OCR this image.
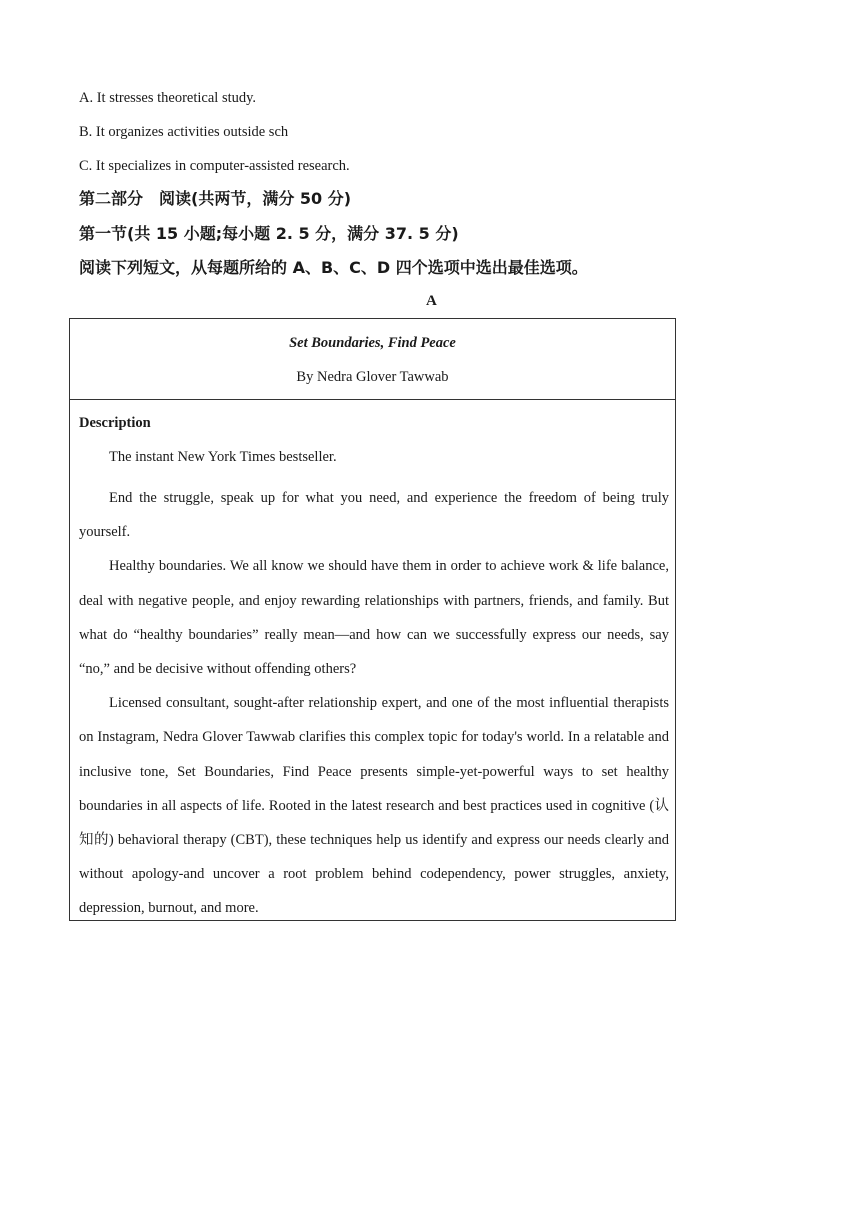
A. It stresses theoretical study.
B. It organizes activities outside sch
C. It specializes in computer-assisted research.
第二部分　阅读(共两节，满分 50 分)
第一节(共 15 小题;每小题 2. 5 分，满分 37. 5 分)
阅读下列短文，从每题所给的 A、B、C、D 四个选项中选出最佳选项。
A
Set Boundaries, Find Peace
By Nedra Glover Tawwab
Description

The instant New York Times bestseller.

End the struggle, speak up for what you need, and experience the freedom of being truly yourself.

Healthy boundaries. We all know we should have them in order to achieve work & life balance, deal with negative people, and enjoy rewarding relationships with partners, friends, and family. But what do “healthy boundaries” really mean—and how can we successfully express our needs, say “no,” and be decisive without offending others?

Licensed consultant, sought-after relationship expert, and one of the most influential therapists on Instagram, Nedra Glover Tawwab clarifies this complex topic for today's world. In a relatable and inclusive tone, Set Boundaries, Find Peace presents simple-yet-powerful ways to set healthy boundaries in all aspects of life. Rooted in the latest research and best practices used in cognitive (认知的) behavioral therapy (CBT), these techniques help us identify and express our needs clearly and without apology-and uncover a root problem behind codependency, power struggles, anxiety, depression, burnout, and more.
